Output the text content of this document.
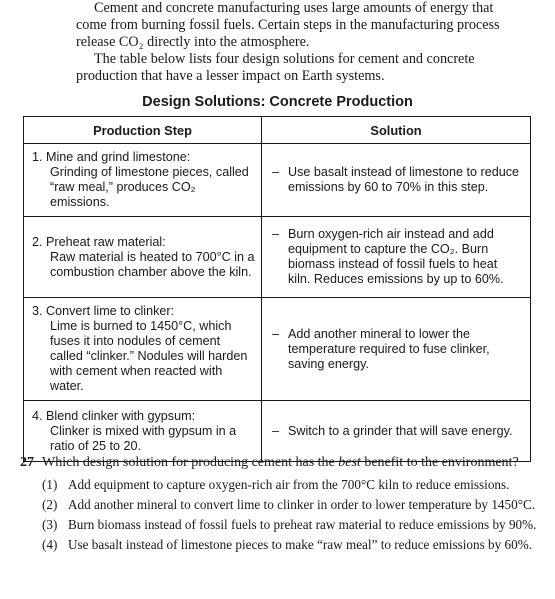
Cement and concrete manufacturing uses large amounts of energy that come from burning fossil fuels. Certain steps in the manufacturing process release CO₂ directly into the atmosphere.

The table below lists four design solutions for cement and concrete production that have a lesser impact on Earth systems.

Design Solutions: Concrete Production
Production Step	Solution

1. Mine and grind limestone:
Grinding of limestone pieces, called “raw meal,” produces CO₂ emissions.	– Use basalt instead of limestone to reduce emissions by 60 to 70% in this step.

2. Preheat raw material:
Raw material is heated to 700°C in a combustion chamber above the kiln.	– Burn oxygen-rich air instead and add equipment to capture the CO₂. Burn biomass instead of fossil fuels to heat kiln. Reduces emissions by up to 60%.

3. Convert lime to clinker:
Lime is burned to 1450°C, which fuses it into nodules of cement called “clinker.” Nodules will harden with cement when reacted with water.	– Add another mineral to lower the temperature required to fuse clinker, saving energy.

4. Blend clinker with gypsum:
Clinker is mixed with gypsum in a ratio of 25 to 20.	– Switch to a grinder that will save energy.
27 Which design solution for producing cement has the best benefit to the environment?
(1) Add equipment to capture oxygen-rich air from the 700°C kiln to reduce emissions.
(2) Add another mineral to convert lime to clinker in order to lower temperature by 1450°C.
(3) Burn biomass instead of fossil fuels to preheat raw material to reduce emissions by 90%.
(4) Use basalt instead of limestone pieces to make “raw meal” to reduce emissions by 60%.
